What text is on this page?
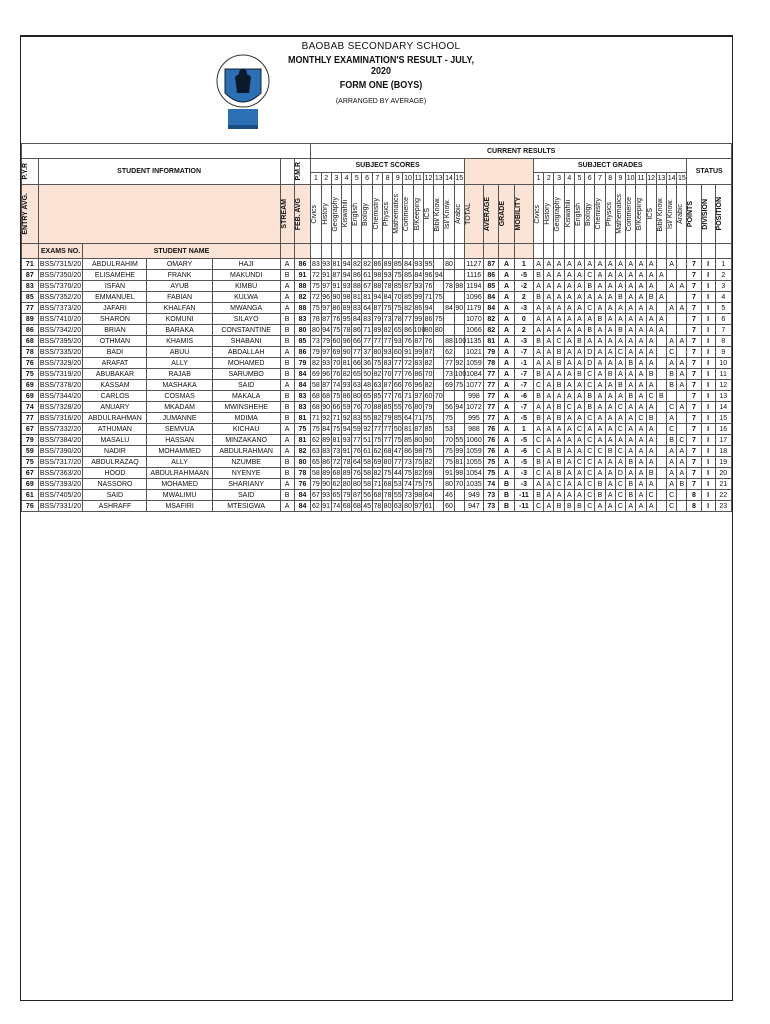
BAOBAB SECONDARY SCHOOL
MONTHLY EXAMINATION'S RESULT - JULY, 2020
FORM ONE (BOYS)
(ARRANGED BY AVERAGE)
							CURRENT RESULTS																																				

P.Y.R	STUDENT INFORMATION					P.M.R	SUBJECT SCORES																			SUBJECT GRADES															STATUS		
							1	2	3	4	5	6	7	8	9	10	11	12	13	14	15					1	2	3	4	5	6	7	8	9	10	11	12	13	14	15			

ENTRY AVG.					STREAM	FEB. AVG	Civics	History	Geography	Kiswahili	English	Biology	Chemistry	Physics	Mathematics	Commerce	B/Keeping	ICS	Bibl/ Know.	Isl/ Know.	Arabic	TOTAL	AVERAGE	GRADE	MOBILITY	Civics	History	Geography	Kiswahili	English	Biology	Chemistry	Physics	Mathematics	Commerce	B/Keeping	ICS	Bibl/ Know.	Isl/ Know.	Arabic	POINTS	DIVISION	POSITION

	EXAMS NO.	STUDENT NAME																																									
71	BSS/7315/20	ABDULRAHIM	OMARY	HAJI	A	86	83	93	81	94	82	82	86	89	85	84	93	95		80		1127	87	A	1	A	A	A	A	A	A	A	A	A	A	A	A		A		7	I	1
87	BSS/7350/20	ELISAMEHE	FRANK	MAKUNDI	B	91	72	91	87	94	86	61	98	93	75	85	84	96	94			1116	86	A	-5	B	A	A	A	A	C	A	A	A	A	A	A	A			7	I	2
83	BSS/7370/20	ISFAN	AYUB	KIMBU	A	88	75	97	91	93	88	67	88	78	85	87	93	76		78	98	1194	85	A	-2	A	A	A	A	A	B	A	A	A	A	A	A		A	A	7	I	3
85	BSS/7352/20	EMMANUEL	FABIAN	KULWA	A	82	72	96	90	98	81	81	94	84	70	85	99	71	75			1096	84	A	2	B	A	A	A	A	A	A	A	B	A	A	B	A			7	I	4
77	BSS/7373/20	JAFARI	KHALFAN	MWANGA	A	88	75	97	86	89	83	64	87	75	75	82	86	94		84	90	1179	84	A	-3	A	A	A	A	A	C	A	A	A	A	A	A		A	A	7	I	5
89	BSS/7410/20	SHARON	KOMUNI	SILAYO	B	83	78	87	76	95	84	83	79	73	78	77	99	86	75			1070	82	A	0	A	A	A	A	A	A	B	A	A	A	A	A	A			7	I	6
86	BSS/7342/20	BRIAN	BARAKA	CONSTANTINE	B	80	80	94	75	78	86	71	89	82	65	86	100	80	80			1066	82	A	2	A	A	A	A	A	B	A	A	B	A	A	A	A			7	I	7
68	BSS/7395/20	OTHMAN	KHAMIS	SHABANI	B	85	73	79	60	96	66	77	77	77	93	76	87	76		88	100	1135	81	A	-3	B	A	C	A	B	A	A	A	A	A	A	A		A	A	7	I	8
78	BSS/7335/20	BADI	ABUU	ABDALLAH	A	86	79	97	69	90	77	37	80	93	60	91	99	87		62		1021	79	A	-7	A	A	B	A	A	D	A	A	C	A	A	A		C		7	I	9
76	BSS/7329/20	ARAFAT	ALLY	MOHAMED	B	79	82	93	70	81	66	36	75	83	77	72	83	82		77	92	1059	78	A	-1	A	A	B	A	A	D	A	A	A	B	A	A		A	A	7	I	10
75	BSS/7319/20	ABUBAKAR	RAJAB	SARUMBO	B	84	69	96	76	82	65	50	82	70	77	76	86	70		73	100	1084	77	A	-7	B	A	A	A	B	C	A	B	A	A	A	B		B	A	7	I	11
69	BSS/7378/20	KASSAM	MASHAKA	SAID	A	84	58	87	74	93	63	48	63	87	66	76	96	82		69	75	1077	77	A	-7	C	A	B	A	A	C	A	A	B	A	A	A		B	A	7	I	12
69	BSS/7344/20	CARLOS	COSMAS	MAKALA	B	83	68	68	75	86	80	65	85	77	76	71	97	60	70			998	77	A	-6	B	A	A	A	A	B	A	A	A	B	A	C	B			7	I	13
74	BSS/7328/20	ANUARY	MKADAM	MWINSHEHE	B	83	68	90	66	59	76	70	88	85	55	76	80	79		56	94	1072	77	A	-7	A	A	B	C	A	B	A	A	C	A	A	A		C	A	7	I	14
77	BSS/7316/20	ABDULRAHMAN	JUMANNE	MDIMA	B	81	71	92	71	92	83	55	82	79	85	64	71	75		75		995	77	A	-5	B	A	B	A	A	C	A	A	A	A	C	B		A		7	I	15
67	BSS/7332/20	ATHUMAN	SEMVUA	KICHAU	A	75	75	84	75	94	59	92	77	77	50	81	87	85		53		988	76	A	1	A	A	A	A	C	A	A	A	C	A	A	A		C		7	I	16
79	BSS/7384/20	MASALU	HASSAN	MINZAKANO	A	81	62	89	81	93	77	51	75	77	75	85	80	90		70	55	1060	76	A	-5	C	A	A	A	A	C	A	A	A	A	A	A		B	C	7	I	17
59	BSS/7390/20	NADIR	MOHAMMED	ABDULRAHMAN	A	82	63	83	73	91	76	61	62	68	47	86	98	75		75	99	1059	76	A	-6	C	A	B	A	A	C	C	B	C	A	A	A		A	A	7	I	18
75	BSS/7317/20	ABDULRAZAQ	ALLY	NZUMBE	B	80	65	86	72	78	64	58	69	80	77	73	75	82		75	81	1055	75	A	-5	B	A	B	A	C	C	A	A	A	B	A	A		A	A	7	I	19
67	BSS/7363/20	HOOD	ABDULRAHMAAN	NYENYE	B	78	58	89	68	89	76	58	82	75	44	75	82	69		91	98	1054	75	A	-3	C	A	B	A	A	C	A	A	D	A	A	B		A	A	7	I	20
69	BSS/7393/20	NASSORO	MOHAMED	SHARIANY	A	76	79	90	62	80	80	58	71	68	53	74	75	75		80	70	1035	74	B	-3	A	A	C	A	A	C	B	A	C	B	A	A		A	B	7	I	21
61	BSS/7405/20	SAID	MWALIMU	SAID	B	84	67	93	65	79	87	56	68	78	55	73	98	64		46		949	73	B	-11	B	A	A	A	A	C	B	A	C	B	A	C		C		8	I	22
76	BSS/7331/20	ASHRAFF	MSAFIRI	MTESIGWA	A	84	62	91	74	68	68	45	78	80	63	80	97	61		60		947	73	B	-11	C	A	B	B	B	C	A	A	C	A	A	A		C		8	I	23
